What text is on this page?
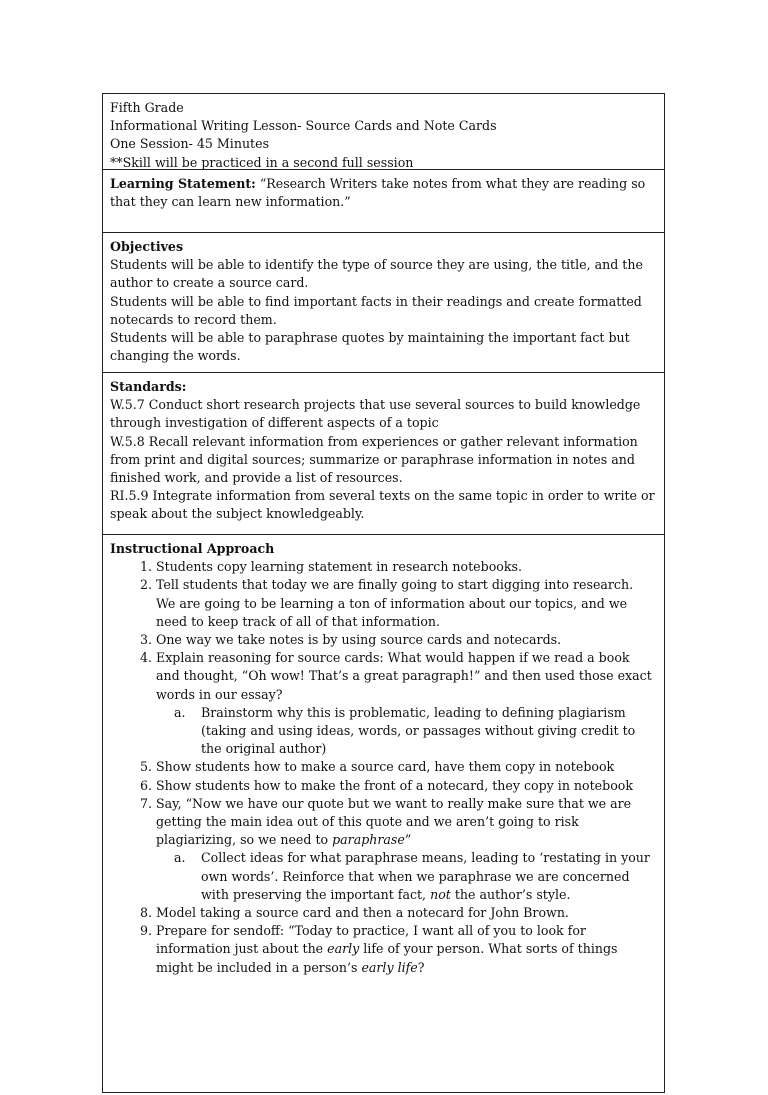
Fifth Grade

Informational Writing Lesson- Source Cards and Note Cards

One Session- 45 Minutes

**Skill will be practiced in a second full session

Learning Statement: “Research Writers take notes from what they are reading so that they can learn new information.”

Objectives

Students will be able to identify the type of source they are using, the title, and the author to create a source card.

Students will be able to find important facts in their readings and create formatted notecards to record them.

Students will be able to paraphrase quotes by maintaining the important fact but changing the words.

Standards:

W.5.7 Conduct short research projects that use several sources to build knowledge through investigation of different aspects of a topic

W.5.8 Recall relevant information from experiences or gather relevant information from print and digital sources; summarize or paraphrase information in notes and finished work, and provide a list of resources.

RI.5.9 Integrate information from several texts on the same topic in order to write or speak about the subject knowledgeably.

Instructional Approach

1. Students copy learning statement in research notebooks.
2. Tell students that today we are finally going to start digging into research. We are going to be learning a ton of information about our topics, and we need to keep track of all of that information.
3. One way we take notes is by using source cards and notecards.
4. Explain reasoning for source cards: What would happen if we read a book and thought, “Oh wow! That’s a great paragraph!” and then used those exact words in our essay?
a. Brainstorm why this is problematic, leading to defining plagiarism (taking and using ideas, words, or passages without giving credit to the original author)
5. Show students how to make a source card, have them copy in notebook
6. Show students how to make the front of a notecard, they copy in notebook
7. Say, “Now we have our quote but we want to really make sure that we are getting the main idea out of this quote and we aren’t going to risk plagiarizing, so we need to paraphrase”
a. Collect ideas for what paraphrase means, leading to ‘restating in your own words’. Reinforce that when we paraphrase we are concerned with preserving the important fact, not the author’s style.
8. Model taking a source card and then a notecard for John Brown.
9. Prepare for sendoff: “Today to practice, I want all of you to look for information just about the early life of your person. What sorts of things might be included in a person’s early life?
